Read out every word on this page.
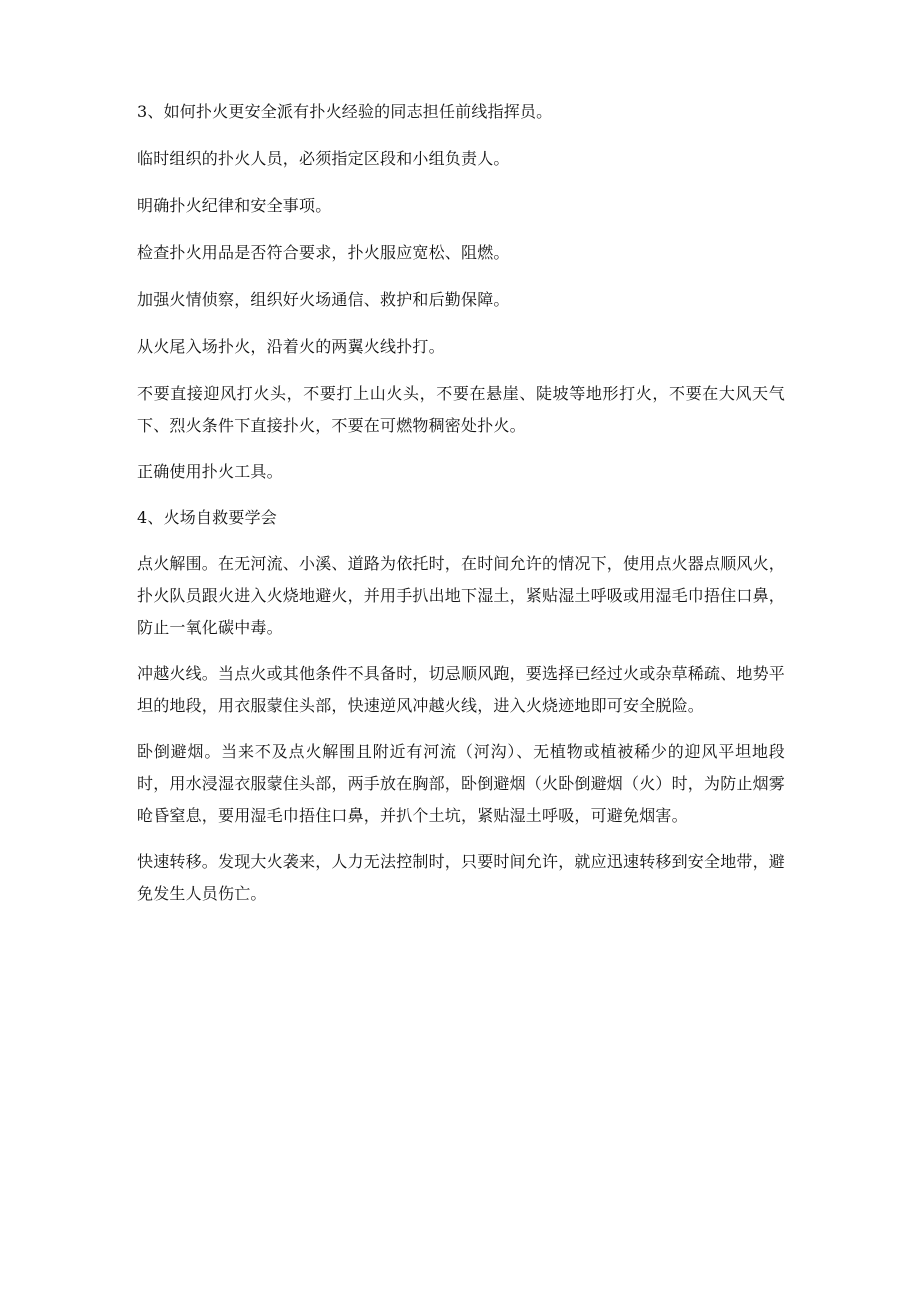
3、如何扑火更安全派有扑火经验的同志担任前线指挥员。

临时组织的扑火人员，必须指定区段和小组负责人。

明确扑火纪律和安全事项。

检查扑火用品是否符合要求，扑火服应宽松、阻燃。

加强火情侦察，组织好火场通信、救护和后勤保障。

从火尾入场扑火，沿着火的两翼火线扑打。

不要直接迎风打火头，不要打上山火头，不要在悬崖、陡坡等地形打火，不要在大风天气下、烈火条件下直接扑火，不要在可燃物稠密处扑火。

正确使用扑火工具。

4、火场自救要学会

点火解围。在无河流、小溪、道路为依托时，在时间允许的情况下，使用点火器点顺风火，扑火队员跟火进入火烧地避火，并用手扒出地下湿土，紧贴湿土呼吸或用湿毛巾捂住口鼻，防止一氧化碳中毒。

冲越火线。当点火或其他条件不具备时，切忌顺风跑，要选择已经过火或杂草稀疏、地势平坦的地段，用衣服蒙住头部，快速逆风冲越火线，进入火烧迹地即可安全脱险。

卧倒避烟。当来不及点火解围且附近有河流（河沟）、无植物或植被稀少的迎风平坦地段时，用水浸湿衣服蒙住头部，两手放在胸部，卧倒避烟（火卧倒避烟（火）时，为防止烟雾呛昏窒息，要用湿毛巾捂住口鼻，并扒个土坑，紧贴湿土呼吸，可避免烟害。

快速转移。发现大火袭来，人力无法控制时，只要时间允许，就应迅速转移到安全地带，避免发生人员伤亡。
